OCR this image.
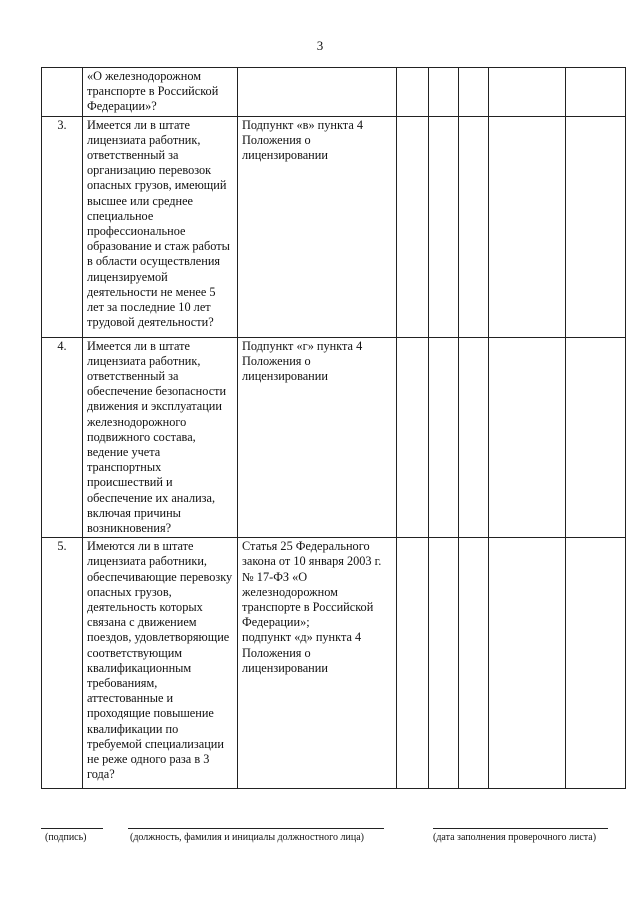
3
	«О железнодорожном транспорте в Российской Федерации»?						
3.	Имеется ли в штате лицензиата работник, ответственный за организацию перевозок опасных грузов, имеющий высшее или среднее специальное профессиональное образование и стаж работы в области осуществления лицензируемой деятельности не менее 5 лет за последние 10 лет трудовой деятельности?	Подпункт «в» пункта 4 Положения о лицензировании					

4.	Имеется ли в штате лицензиата работник, ответственный за обеспечение безопасности движения и эксплуатации железнодорожного подвижного состава, ведение учета транспортных происшествий и обеспечение их анализа, включая причины возникновения?	Подпункт «г» пункта 4 Положения о лицензировании					

5.	Имеются ли в штате лицензиата работники, обеспечивающие перевозку опасных грузов, деятельность которых связана с движением поездов, удовлетворяющие соответствующим квалификационным требованиям, аттестованные и проходящие повышение квалификации по требуемой специализации не реже одного раза в 3 года?	Статья 25 Федерального закона от 10 января 2003 г. № 17-ФЗ «О железнодорожном транспорте в Российской Федерации»;
подпункт «д» пункта 4 Положения о лицензировании					

(подпись)	(должность, фамилия и инициалы должностного лица)	(дата заполнения проверочного листа)
